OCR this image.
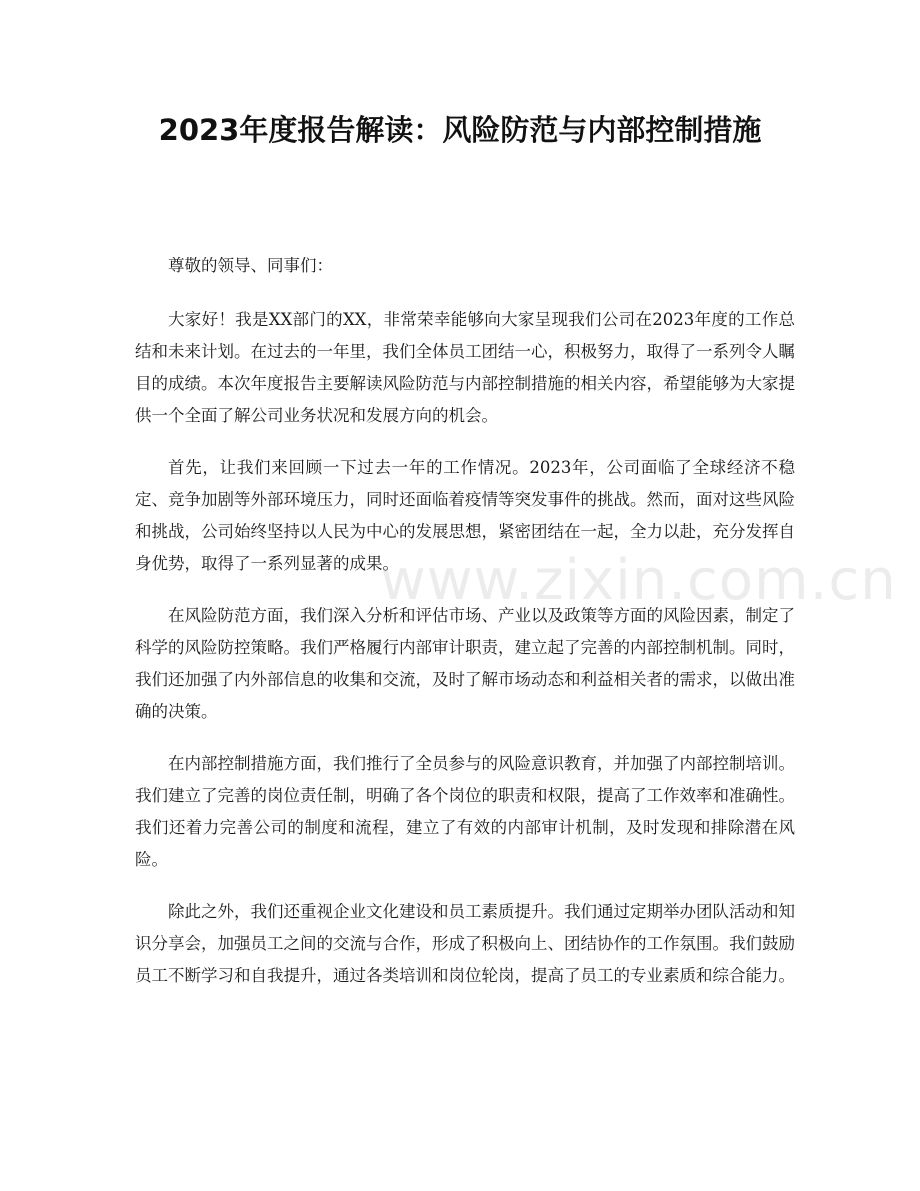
2023年度报告解读：风险防范与内部控制措施

尊敬的领导、同事们：

大家好！我是XX部门的XX，非常荣幸能够向大家呈现我们公司在2023年度的工作总结和未来计划。在过去的一年里，我们全体员工团结一心，积极努力，取得了一系列令人瞩目的成绩。本次年度报告主要解读风险防范与内部控制措施的相关内容，希望能够为大家提供一个全面了解公司业务状况和发展方向的机会。

首先，让我们来回顾一下过去一年的工作情况。2023年，公司面临了全球经济不稳定、竞争加剧等外部环境压力，同时还面临着疫情等突发事件的挑战。然而，面对这些风险和挑战，公司始终坚持以人民为中心的发展思想，紧密团结在一起，全力以赴，充分发挥自身优势，取得了一系列显著的成果。

在风险防范方面，我们深入分析和评估市场、产业以及政策等方面的风险因素，制定了科学的风险防控策略。我们严格履行内部审计职责，建立起了完善的内部控制机制。同时，我们还加强了内外部信息的收集和交流，及时了解市场动态和利益相关者的需求，以做出准确的决策。

在内部控制措施方面，我们推行了全员参与的风险意识教育，并加强了内部控制培训。我们建立了完善的岗位责任制，明确了各个岗位的职责和权限，提高了工作效率和准确性。我们还着力完善公司的制度和流程，建立了有效的内部审计机制，及时发现和排除潜在风险。

除此之外，我们还重视企业文化建设和员工素质提升。我们通过定期举办团队活动和知识分享会，加强员工之间的交流与合作，形成了积极向上、团结协作的工作氛围。我们鼓励员工不断学习和自我提升，通过各类培训和岗位轮岗，提高了员工的专业素质和综合能力。

www.zixin.com.cn
